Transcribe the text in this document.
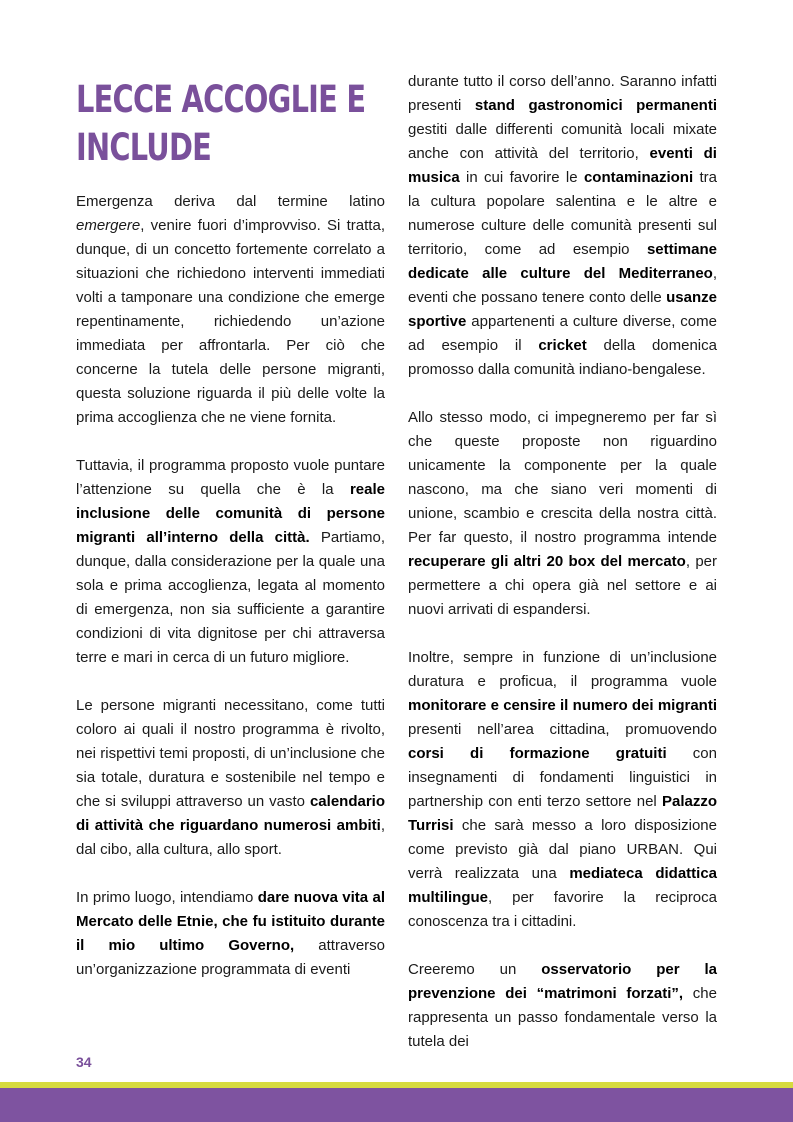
LECCE ACCOGLIE E INCLUDE

Emergenza deriva dal termine latino emergere, venire fuori d’improvviso. Si tratta, dunque, di un concetto fortemente correlato a situazioni che richiedono interventi immediati volti a tamponare una condizione che emerge repentinamente, richiedendo un’azione immediata per affrontarla. Per ciò che concerne la tutela delle persone migranti, questa soluzione riguarda il più delle volte la prima accoglienza che ne viene fornita.

Tuttavia, il programma proposto vuole puntare l’attenzione su quella che è la reale inclusione delle comunità di persone migranti all’interno della città. Partiamo, dunque, dalla considerazione per la quale una sola e prima accoglienza, legata al momento di emergenza, non sia sufficiente a garantire condizioni di vita dignitose per chi attraversa terre e mari in cerca di un futuro migliore.

Le persone migranti necessitano, come tutti coloro ai quali il nostro programma è rivolto, nei rispettivi temi proposti, di un’inclusione che sia totale, duratura e sostenibile nel tempo e che si sviluppi attraverso un vasto calendario di attività che riguardano numerosi ambiti, dal cibo, alla cultura, allo sport.

In primo luogo, intendiamo dare nuova vita al Mercato delle Etnie, che fu istituito durante il mio ultimo Governo, attraverso un’organizzazione programmata di eventi

durante tutto il corso dell’anno. Saranno infatti presenti stand gastronomici permanenti gestiti dalle differenti comunità locali mixate anche con attività del territorio, eventi di musica in cui favorire le contaminazioni tra la cultura popolare salentina e le altre e numerose culture delle comunità presenti sul territorio, come ad esempio settimane dedicate alle culture del Mediterraneo, eventi che possano tenere conto delle usanze sportive appartenenti a culture diverse, come ad esempio il cricket della domenica promosso dalla comunità indiano-bengalese.

Allo stesso modo, ci impegneremo per far sì che queste proposte non riguardino unicamente la componente per la quale nascono, ma che siano veri momenti di unione, scambio e crescita della nostra città. Per far questo, il nostro programma intende recuperare gli altri 20 box del mercato, per permettere a chi opera già nel settore e ai nuovi arrivati di espandersi.

Inoltre, sempre in funzione di un’inclusione duratura e proficua, il programma vuole monitorare e censire il numero dei migranti presenti nell’area cittadina, promuovendo corsi di formazione gratuiti con insegnamenti di fondamenti linguistici in partnership con enti terzo settore nel Palazzo Turrisi che sarà messo a loro disposizione come previsto già dal piano URBAN. Qui verrà realizzata una mediateca didattica multilingue, per favorire la reciproca conoscenza tra i cittadini.

Creeremo un osservatorio per la prevenzione dei “matrimoni forzati”, che rappresenta un passo fondamentale verso la tutela dei

34
